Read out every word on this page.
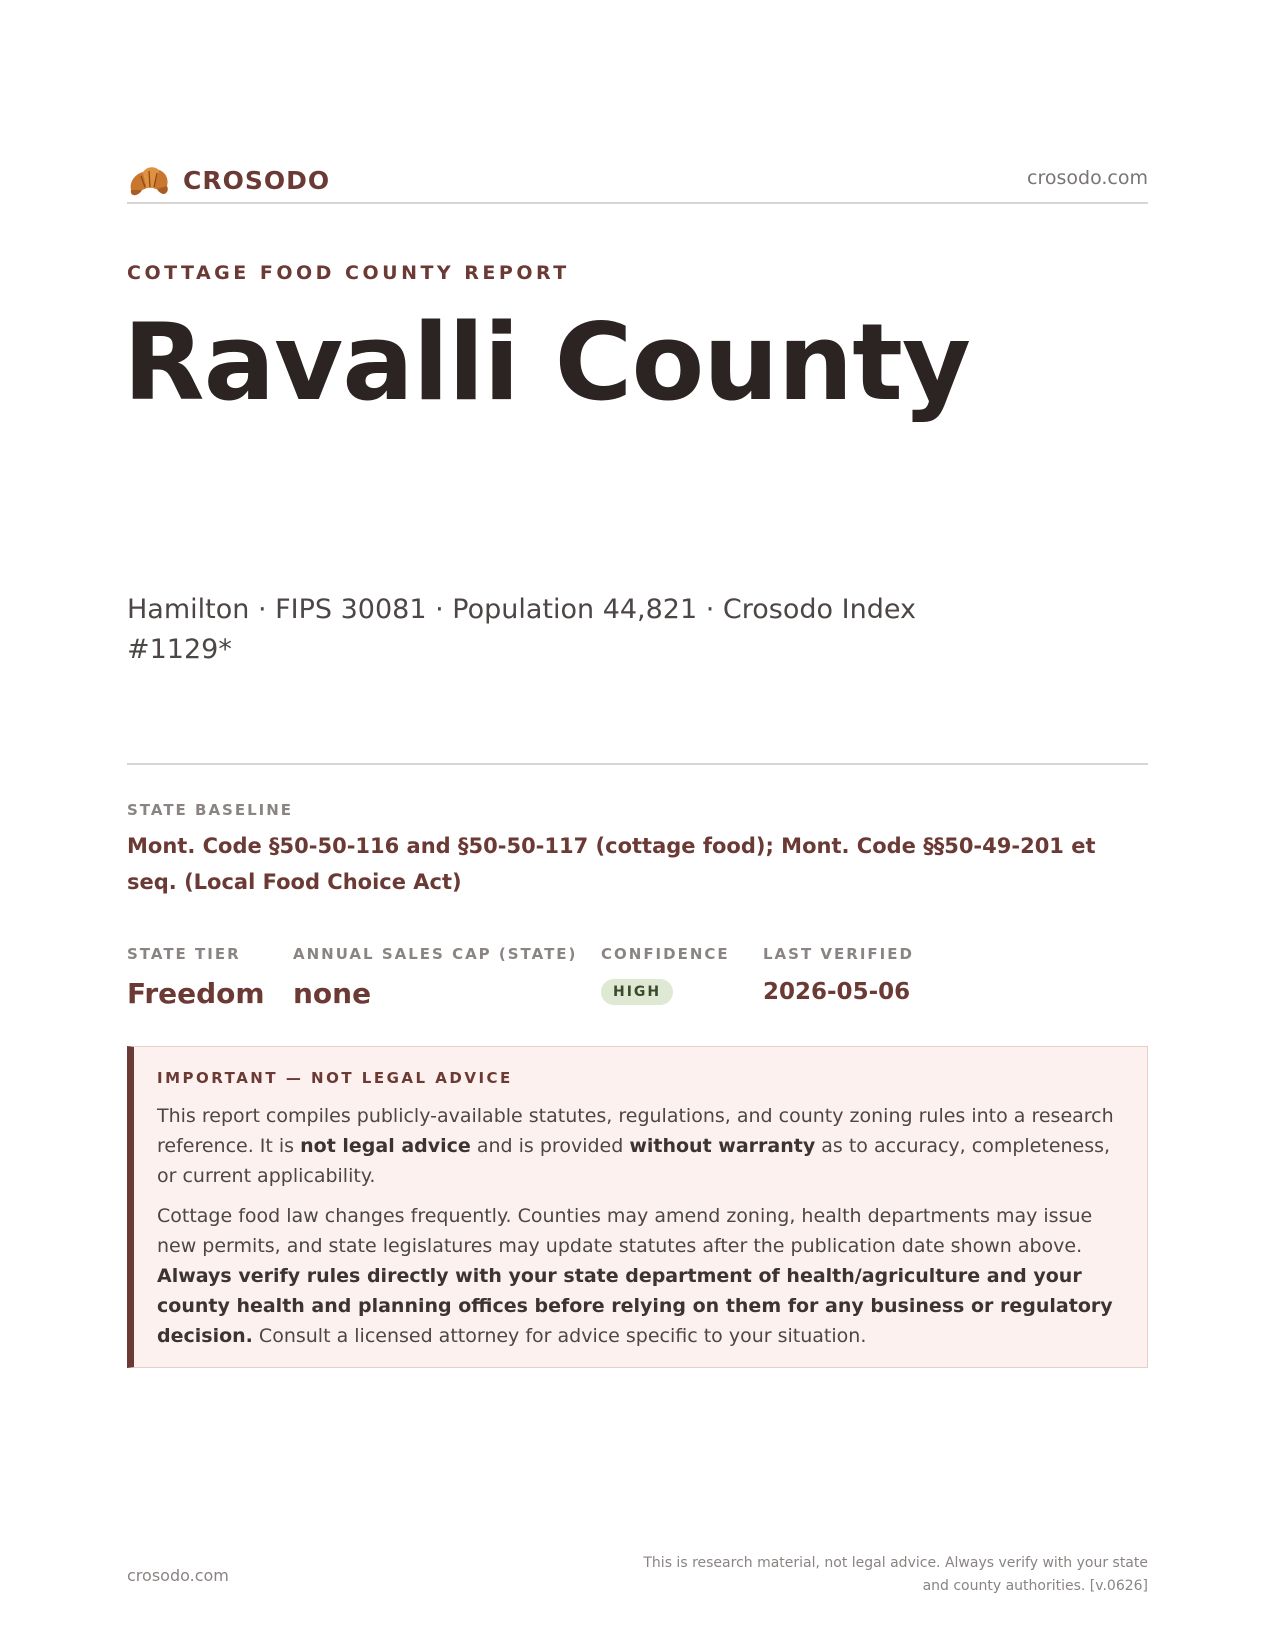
CROSODO	crosodo.com
COTTAGE FOOD COUNTY REPORT
Ravalli County
Hamilton · FIPS 30081 · Population 44,821 · Crosodo Index #1129*
STATE BASELINE
Mont. Code §50-50-116 and §50-50-117 (cottage food); Mont. Code §§50-49-201 et seq. (Local Food Choice Act)
STATE TIER
Freedom
ANNUAL SALES CAP (STATE)
none
CONFIDENCE
HIGH
LAST VERIFIED
2026-05-06
IMPORTANT — NOT LEGAL ADVICE

This report compiles publicly-available statutes, regulations, and county zoning rules into a research reference. It is not legal advice and is provided without warranty as to accuracy, completeness, or current applicability.

Cottage food law changes frequently. Counties may amend zoning, health departments may issue new permits, and state legislatures may update statutes after the publication date shown above. Always verify rules directly with your state department of health/agriculture and your county health and planning offices before relying on them for any business or regulatory decision. Consult a licensed attorney for advice specific to your situation.

crosodo.com
This is research material, not legal advice. Always verify with your state and county authorities. [v.0626]
